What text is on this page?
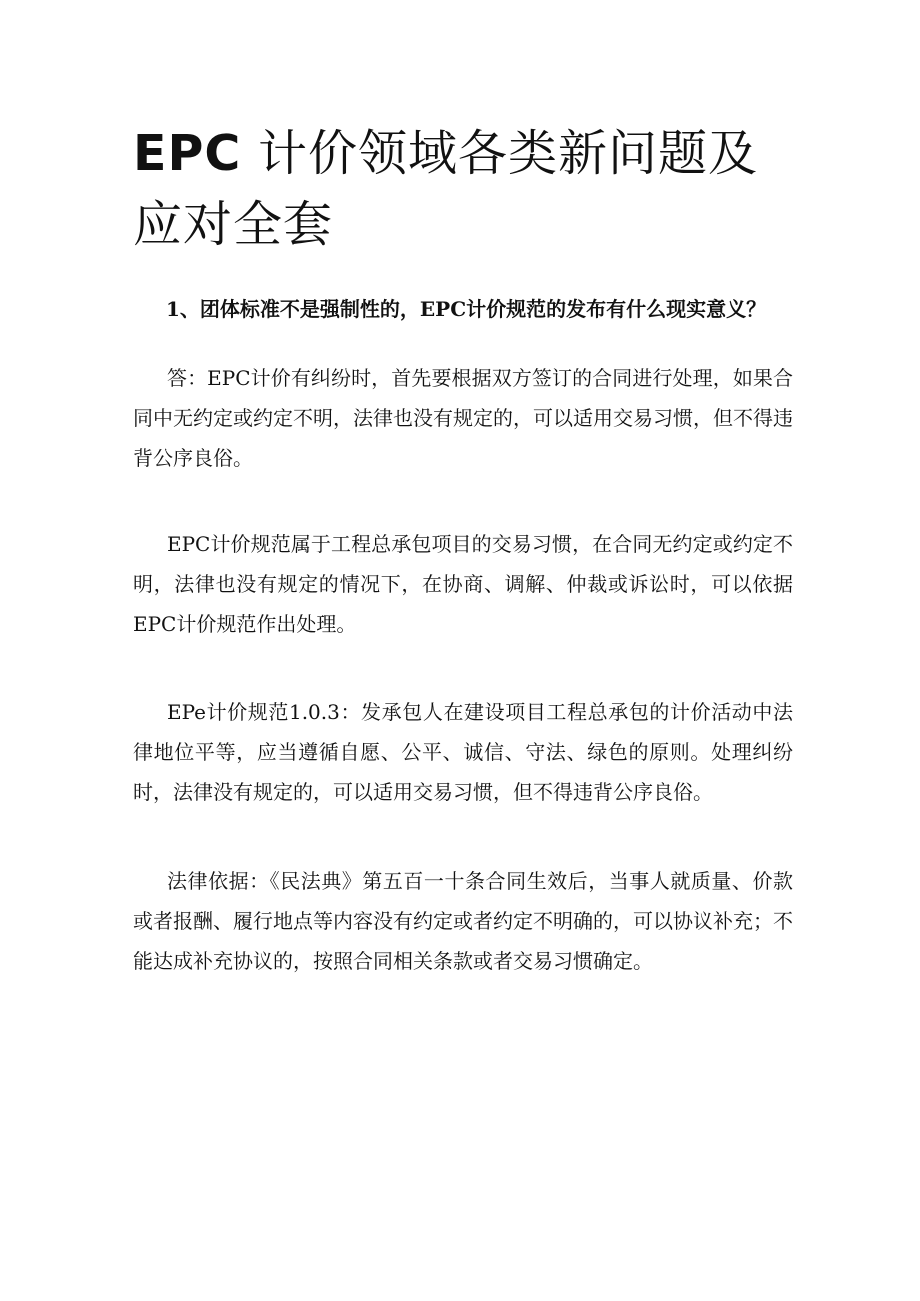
EPC 计价领域各类新问题及应对全套

1、团体标准不是强制性的，EPC计价规范的发布有什么现实意义？

答：EPC计价有纠纷时，首先要根据双方签订的合同进行处理，如果合同中无约定或约定不明，法律也没有规定的，可以适用交易习惯，但不得违背公序良俗。

EPC计价规范属于工程总承包项目的交易习惯，在合同无约定或约定不明，法律也没有规定的情况下，在协商、调解、仲裁或诉讼时，可以依据EPC计价规范作出处理。

EPe计价规范1.0.3：发承包人在建设项目工程总承包的计价活动中法律地位平等，应当遵循自愿、公平、诚信、守法、绿色的原则。处理纠纷时，法律没有规定的，可以适用交易习惯，但不得违背公序良俗。

法律依据：《民法典》第五百一十条合同生效后，当事人就质量、价款或者报酬、履行地点等内容没有约定或者约定不明确的，可以协议补充；不能达成补充协议的，按照合同相关条款或者交易习惯确定。
